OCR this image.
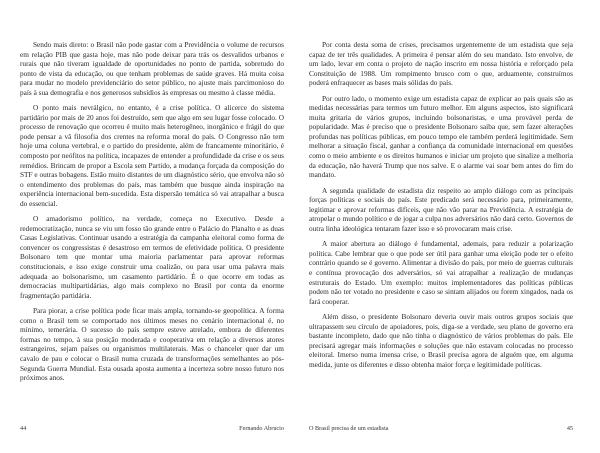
Sendo mais direto: o Brasil não pode gastar com a Previdência o volume de recursos em relação PIB que gasta hoje, mas não pode deixar para trás os desvalidos urbanos e rurais que não tiveram igualdade de oportunidades no ponto de partida, sobretudo do ponto de vista da educação, ou que tenham problemas de saúde graves. Há muita coisa para mudar no modelo previdenciário do setor público, no ajuste mais parcimonioso do país à sua demografia e nos generosos subsídios às empresas ou mesmo à classe média.

O ponto mais nevrálgico, no entanto, é a crise política. O alicerce do sistema partidário por mais de 20 anos foi destruído, sem que algo em seu lugar fosse colocado. O processo de renovação que ocorreu é muito mais heterogêneo, inorgânico e frágil do que pode pensar a vã filosofia dos crentes na reforma moral do país. O Congresso não tem hoje uma coluna vertebral, e o partido do presidente, além de francamente minoritário, é composto por neófitos na política, incapazes de entender a profundidade da crise e os seus remédios. Brincam de propor a Escola sem Partido, a mudança forçada da composição do STF e outras bobagens. Estão muito distantes de um diagnóstico sério, que envolva não só o entendimento dos problemas do país, mas também que busque ainda inspiração na experiência internacional bem-sucedida. Esta dispersão temática só vai atrapalhar a busca do essencial.

O amadorismo político, na verdade, começa no Executivo. Desde a redemocratização, nunca se viu um fosso tão grande entre o Palácio do Planalto e as duas Casas Legislativas. Continuar usando a estratégia da campanha eleitoral como forma de convencer os congressistas é desastroso em termos de efetividade política. O presidente Bolsonaro tem que montar uma maioria parlamentar para aprovar reformas constitucionais, e isso exige construir uma coalizão, ou para usar uma palavra mais adequada ao bolsonarismo, um casamento partidário. É o que ocorre em todas as democracias multipartidárias, algo mais complexo no Brasil por conta da enorme fragmentação partidária.

Para piorar, a crise política pode ficar mais ampla, tornando-se geopolítica. A forma como o Brasil tem se comportado nos últimos meses no cenário internacional é, no mínimo, temerária. O sucesso do país sempre esteve atrelado, embora de diferentes formas no tempo, à sua posição moderada e cooperativa em relação a diversos atores estrangeiros, sejam países ou organismos multilaterais. Mas o chanceler quer dar um cavalo de pau e colocar o Brasil numa cruzada de transformações semelhantes ao pós-Segunda Guerra Mundial. Esta ousada aposta aumenta a incerteza sobre nosso futuro nos próximos anos.

44	Fernando Abrucio

Por conta desta soma de crises, precisamos urgentemente de um estadista que seja capaz de ter três qualidades. A primeira é pensar além do seu mandato. Isto envolve, de um lado, levar em conta o projeto de nação inscrito em nossa história e reforçado pela Constituição de 1988. Um rompimento brusco com o que, arduamente, construímos poderá enfraquecer as bases mais sólidas do país.

Por outro lado, o momento exige um estadista capaz de explicar ao país quais são as medidas necessárias para termos um futuro melhor. Em alguns aspectos, isto significará muita gritaria de vários grupos, incluindo bolsonaristas, e uma provável perda de popularidade. Mas é preciso que o presidente Bolsonaro saiba que, sem fazer alterações profundas nas políticas públicas, em pouco tempo ele também perderá legitimidade. Sem melhorar a situação fiscal, ganhar a confiança da comunidade internacional em questões como o meio ambiente e os direitos humanos e iniciar um projeto que sinalize a melhoria da educação, não haverá Trump que nos salve. E o alarme vai soar bem antes do fim do mandato.

A segunda qualidade de estadista diz respeito ao amplo diálogo com as principais forças políticas e sociais do país. Este predicado será necessário para, primeiramente, legitimar e aprovar reformas difíceis, que não vão parar na Previdência. A estratégia de atropelar o mundo político e de jogar a culpa nos adversários não dará certo. Governos de outra linha ideológica tentaram fazer isso e só provocaram mais crise.

A maior abertura ao diálogo é fundamental, ademais, para reduzir a polarização política. Cabe lembrar que o que pode ser útil para ganhar uma eleição pode ter o efeito contrário quando se é governo. Alimentar a divisão do país, por meio de guerras culturais e contínua provocação dos adversários, só vai atrapalhar a realização de mudanças estruturais do Estado. Um exemplo: muitos implementadores das políticas públicas podem não ter votado no presidente e caso se sintam alijados ou forem xingados, nada os fará cooperar.

Além disso, o presidente Bolsonaro deveria ouvir mais outros grupos sociais que ultrapassem seu círculo de apoiadores, pois, diga-se a verdade, seu plano de governo era bastante incompleto, dado que não tinha o diagnóstico de vários problemas do país. Ele precisará agregar mais informações e soluções que não estavam colocadas no processo eleitoral. Imerso numa imensa crise, o Brasil precisa agora de alguém que, em alguma medida, junte os diferentes e disso obtenha maior força e legitimidade políticas.

O Brasil precisa de um estadista	45
